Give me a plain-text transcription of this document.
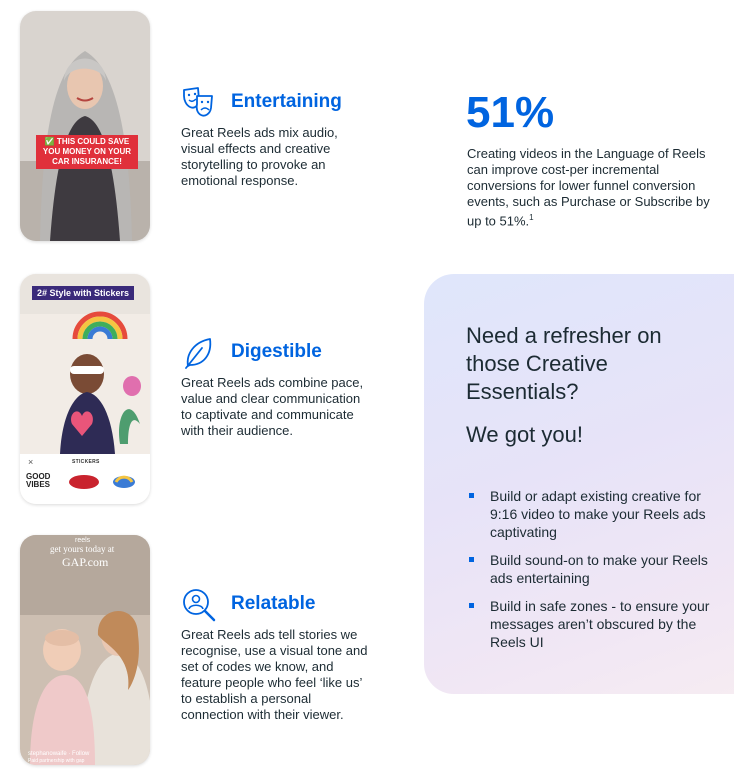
✅ THIS COULD SAVE YOU MONEY ON YOUR CAR INSURANCE!
2# Style with Stickers
×	STICKERS
GOOD VIBES
reels
get yours today at
GAP.com
stephanowaife · Follow
Paid partnership with gap
Entertaining
Great Reels ads mix audio, visual effects and creative storytelling to provoke an emotional response.
Digestible
Great Reels ads combine pace, value and clear communication to captivate and communicate with their audience.
Relatable
Great Reels ads tell stories we recognise, use a visual tone and set of codes we know, and feature people who feel ‘like us’ to establish a personal connection with their viewer.
51%
Creating videos in the Language of Reels can improve cost-per incremental conversions for lower funnel conversion events, such as Purchase or Subscribe by up to 51%.$^1$
Need a refresher on those Creative Essentials?
We got you!
Build or adapt existing creative for 9:16 video to make your Reels ads captivating
Build sound-on to make your Reels ads entertaining
Build in safe zones - to ensure your messages aren’t obscured by the Reels UI
